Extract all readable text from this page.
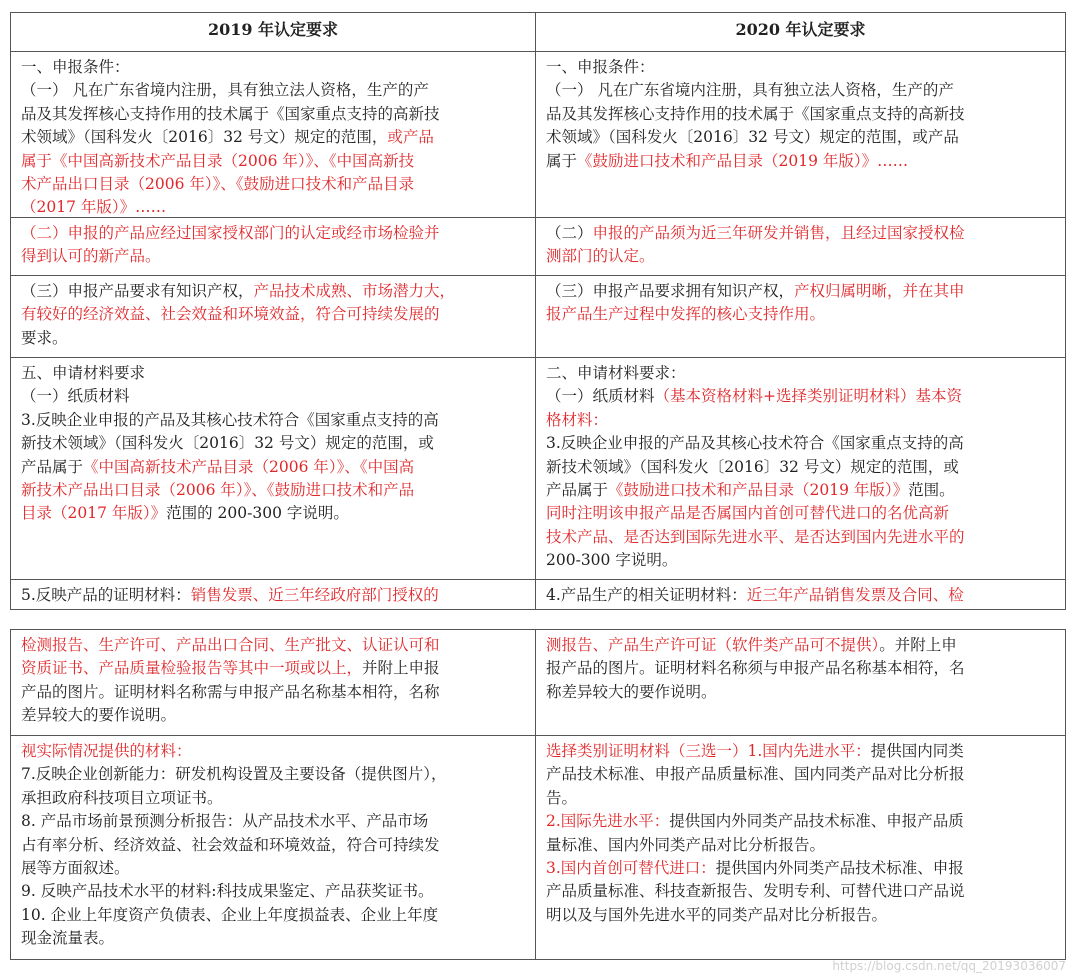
2019 年认定要求	2020 年认定要求
一、申报条件：
（一） 凡在广东省境内注册，具有独立法人资格，生产的产
品及其发挥核心支持作用的技术属于《国家重点支持的高新技
术领域》（国科发火〔2016〕32 号文）规定的范围，或产品
属于《中国高新技术产品目录（2006 年）》、《中国高新技
术产品出口目录（2006 年）》、《鼓励进口技术和产品目录
（2017 年版）》……
一、申报条件：
（一） 凡在广东省境内注册，具有独立法人资格，生产的产
品及其发挥核心支持作用的技术属于《国家重点支持的高新技
术领域》（国科发火〔2016〕32 号文）规定的范围，或产品
属于《鼓励进口技术和产品目录（2019 年版）》……
（二）申报的产品应经过国家授权部门的认定或经市场检验并
得到认可的新产品。
（二）申报的产品须为近三年研发并销售，且经过国家授权检
测部门的认定。
（三）申报产品要求有知识产权，产品技术成熟、市场潜力大，
有较好的经济效益、社会效益和环境效益，符合可持续发展的
要求。
（三）申报产品要求拥有知识产权，产权归属明晰，并在其申
报产品生产过程中发挥的核心支持作用。
五、申请材料要求
（一）纸质材料
3.反映企业申报的产品及其核心技术符合《国家重点支持的高
新技术领域》（国科发火〔2016〕32 号文）规定的范围，或
产品属于《中国高新技术产品目录（2006 年）》、《中国高
新技术产品出口目录（2006 年）》、《鼓励进口技术和产品
目录（2017 年版）》范围的 200-300 字说明。
二、申请材料要求：
（一）纸质材料（基本资格材料+选择类别证明材料）基本资
格材料：
3.反映企业申报的产品及其核心技术符合《国家重点支持的高
新技术领域》（国科发火〔2016〕32 号文）规定的范围，或
产品属于《鼓励进口技术和产品目录（2019 年版）》范围。
同时注明该申报产品是否属国内首创可替代进口的名优高新
技术产品、是否达到国际先进水平、是否达到国内先进水平的
200-300 字说明。
5.反映产品的证明材料：销售发票、近三年经政府部门授权的	4.产品生产的相关证明材料：近三年产品销售发票及合同、检
检测报告、生产许可、产品出口合同、生产批文、认证认可和
资质证书、产品质量检验报告等其中一项或以上，并附上申报
产品的图片。证明材料名称需与申报产品名称基本相符，名称
差异较大的要作说明。
测报告、产品生产许可证（软件类产品可不提供）。并附上申
报产品的图片。证明材料名称须与申报产品名称基本相符，名
称差异较大的要作说明。
视实际情况提供的材料：
7.反映企业创新能力：研发机构设置及主要设备（提供图片），
承担政府科技项目立项证书。
8. 产品市场前景预测分析报告：从产品技术水平、产品市场
占有率分析、经济效益、社会效益和环境效益，符合可持续发
展等方面叙述。
9. 反映产品技术水平的材料:科技成果鉴定、产品获奖证书。
10. 企业上年度资产负债表、企业上年度损益表、企业上年度
现金流量表。
选择类别证明材料（三选一）1.国内先进水平：提供国内同类
产品技术标准、申报产品质量标准、国内同类产品对比分析报
告。
2.国际先进水平：提供国内外同类产品技术标准、申报产品质
量标准、国内外同类产品对比分析报告。
3.国内首创可替代进口：提供国内外同类产品技术标准、申报
产品质量标准、科技查新报告、发明专利、可替代进口产品说
明以及与国外先进水平的同类产品对比分析报告。
https://blog.csdn.net/qq_20193036007
